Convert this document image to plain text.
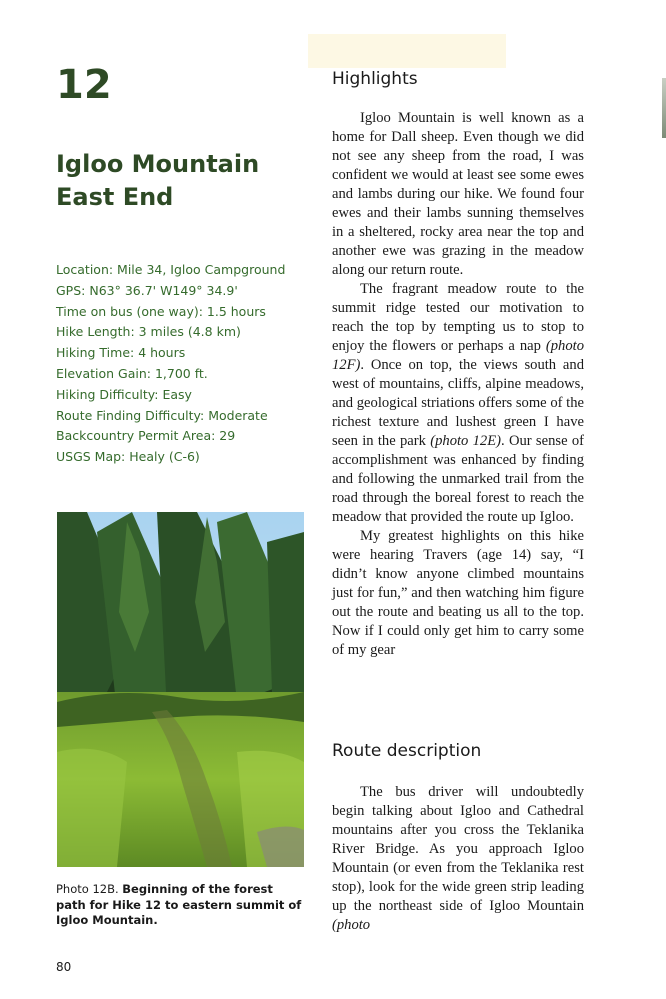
12
Igloo Mountain East End
Location: Mile 34, Igloo Campground
GPS: N63° 36.7' W149° 34.9'
Time on bus (one way): 1.5 hours
Hike Length: 3 miles (4.8 km)
Hiking Time: 4 hours
Elevation Gain: 1,700 ft.
Hiking Difficulty: Easy
Route Finding Difficulty: Moderate
Backcountry Permit Area: 29
USGS Map: Healy (C-6)

Photo 12B. Beginning of the forest path for Hike 12 to eastern summit of Igloo Mountain.

80
Highlights

Igloo Mountain is well known as a home for Dall sheep. Even though we did not see any sheep from the road, I was confident we would at least see some ewes and lambs during our hike. We found four ewes and their lambs sunning themselves in a sheltered, rocky area near the top and another ewe was grazing in the meadow along our return route.

The fragrant meadow route to the summit ridge tested our motivation to reach the top by tempting us to stop to enjoy the flowers or perhaps a nap (photo 12F). Once on top, the views south and west of mountains, cliffs, alpine meadows, and geological striations offers some of the richest texture and lushest green I have seen in the park (photo 12E). Our sense of accomplishment was enhanced by finding and following the unmarked trail from the road through the boreal forest to reach the meadow that provided the route up Igloo.

My greatest highlights on this hike were hearing Travers (age 14) say, “I didn’t know anyone climbed mountains just for fun,” and then watching him figure out the route and beating us all to the top. Now if I could only get him to carry some of my gear

Route description

The bus driver will undoubtedly begin talking about Igloo and Cathedral mountains after you cross the Teklanika River Bridge. As you approach Igloo Mountain (or even from the Teklanika rest stop), look for the wide green strip leading up the northeast side of Igloo Mountain (photo
